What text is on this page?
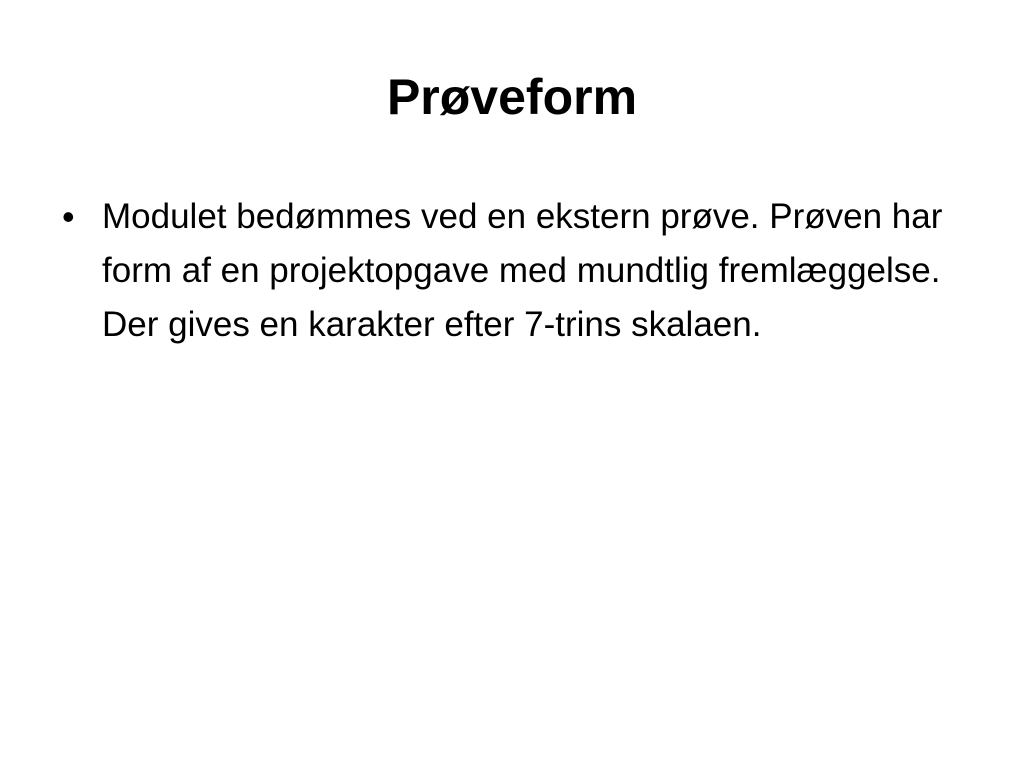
Prøveform
• Modulet bedømmes ved en ekstern prøve. Prøven har form af en projektopgave med mundtlig fremlæggelse. Der gives en karakter efter 7-trins skalaen.
